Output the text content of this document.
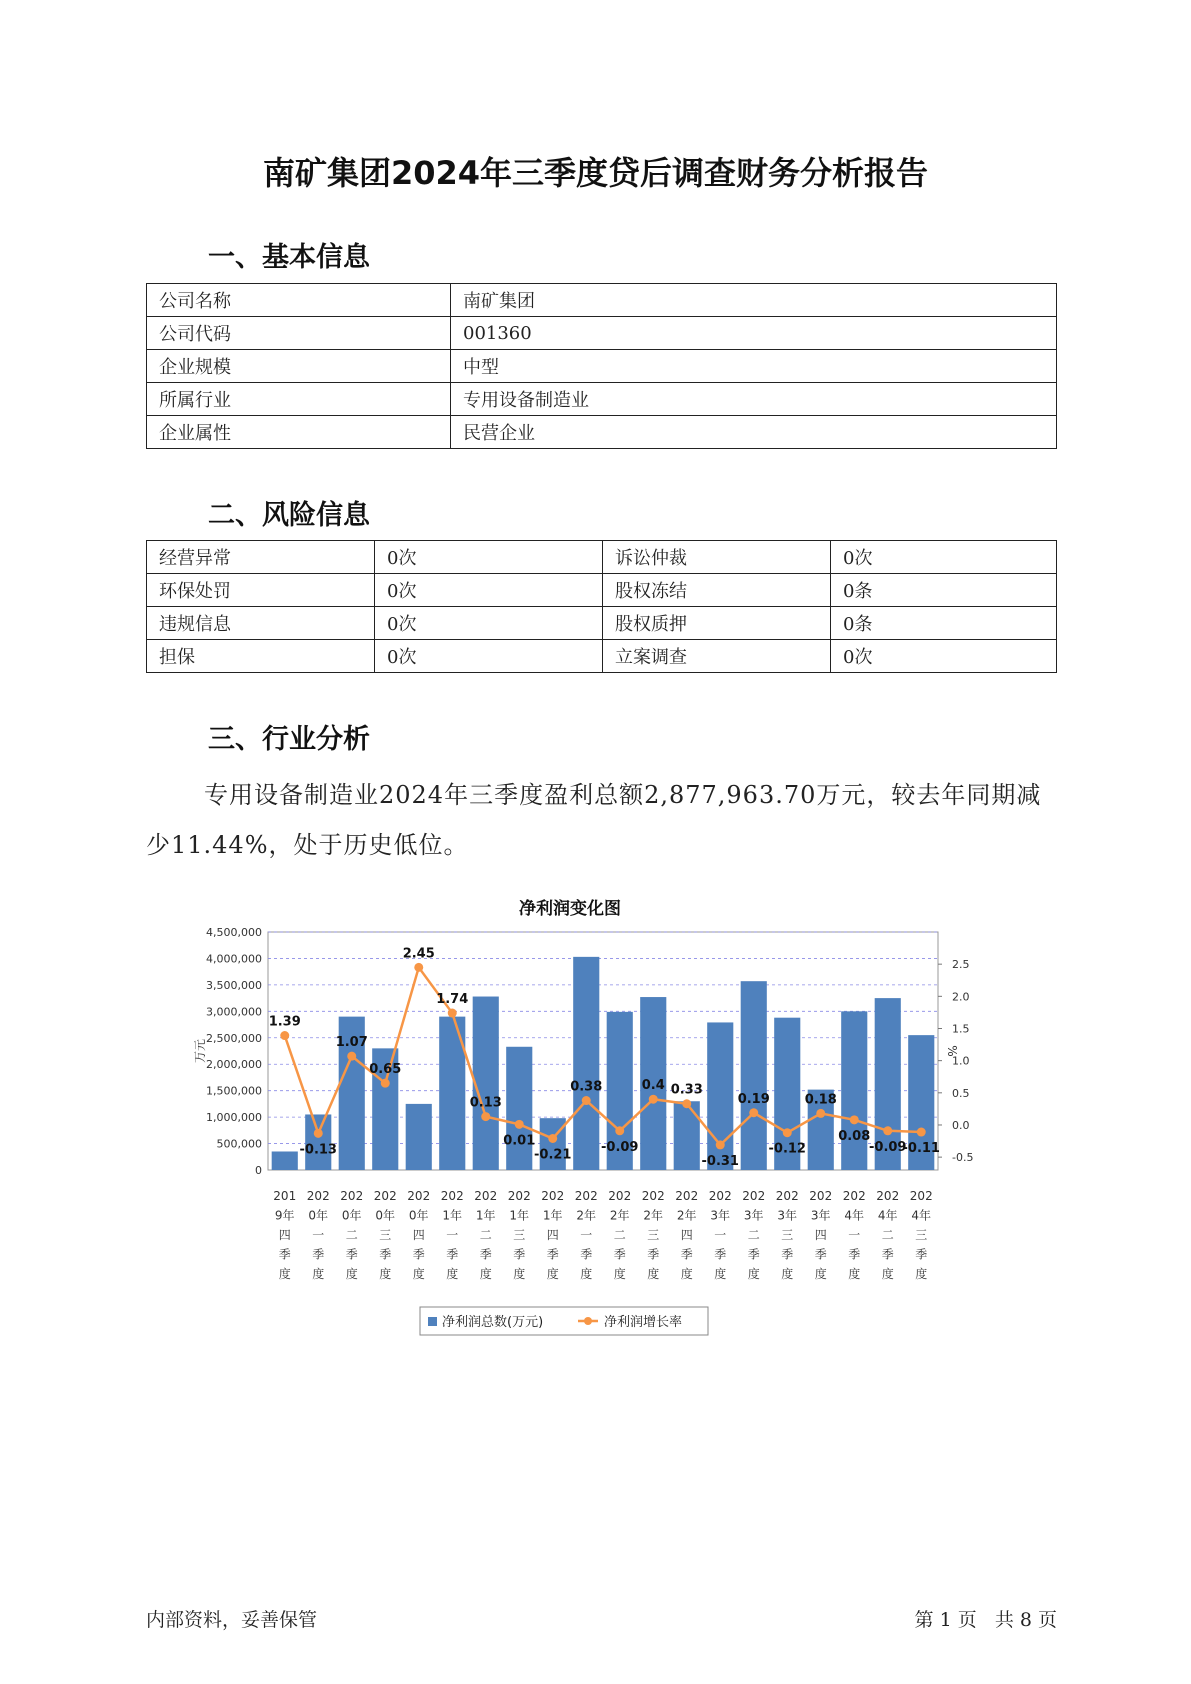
南矿集团2024年三季度贷后调查财务分析报告
一、基本信息
公司名称	南矿集团
公司代码	001360
企业规模	中型
所属行业	专用设备制造业
企业属性	民营企业
二、风险信息
经营异常	0次	诉讼仲裁	0次
环保处罚	0次	股权冻结	0条
违规信息	0次	股权质押	0条
担保	0次	立案调查	0次
三、行业分析
专用设备制造业2024年三季度盈利总额2,877,963.70万元，较去年同期减少11.44%，处于历史低位。
净利润变化图
0
500,000
1,000,000
1,500,000
2,000,000
2,500,000
3,000,000
3,500,000
4,000,000
4,500,000
-0.5
0.0
0.5
1.0
1.5
2.0
2.5
万元	%
1.39
-0.13
1.07
0.65
2.45
1.74
0.13
0.01
-0.21
0.38
-0.09
0.4 0.33
-0.31
0.19
-0.12
0.18
0.08
-0.09
-0.11
201
9年
四
季
度
202
0年
一
季
度
202
0年
二
季
度
202
0年
三
季
度
202
0年
四
季
度
202
1年
一
季
度
202
1年
二
季
度
202
1年
三
季
度
202
1年
四
季
度
202
2年
一
季
度
202
2年
二
季
度
202
2年
三
季
度
202
2年
四
季
度
202
3年
一
季
度
202
3年
二
季
度
202
3年
三
季
度
202
3年
四
季
度
202
4年
一
季
度
202
4年
二
季
度
202
4年
三
季
度
净利润总数(万元)	净利润增长率
内部资料，妥善保管	第 1 页   共 8 页
